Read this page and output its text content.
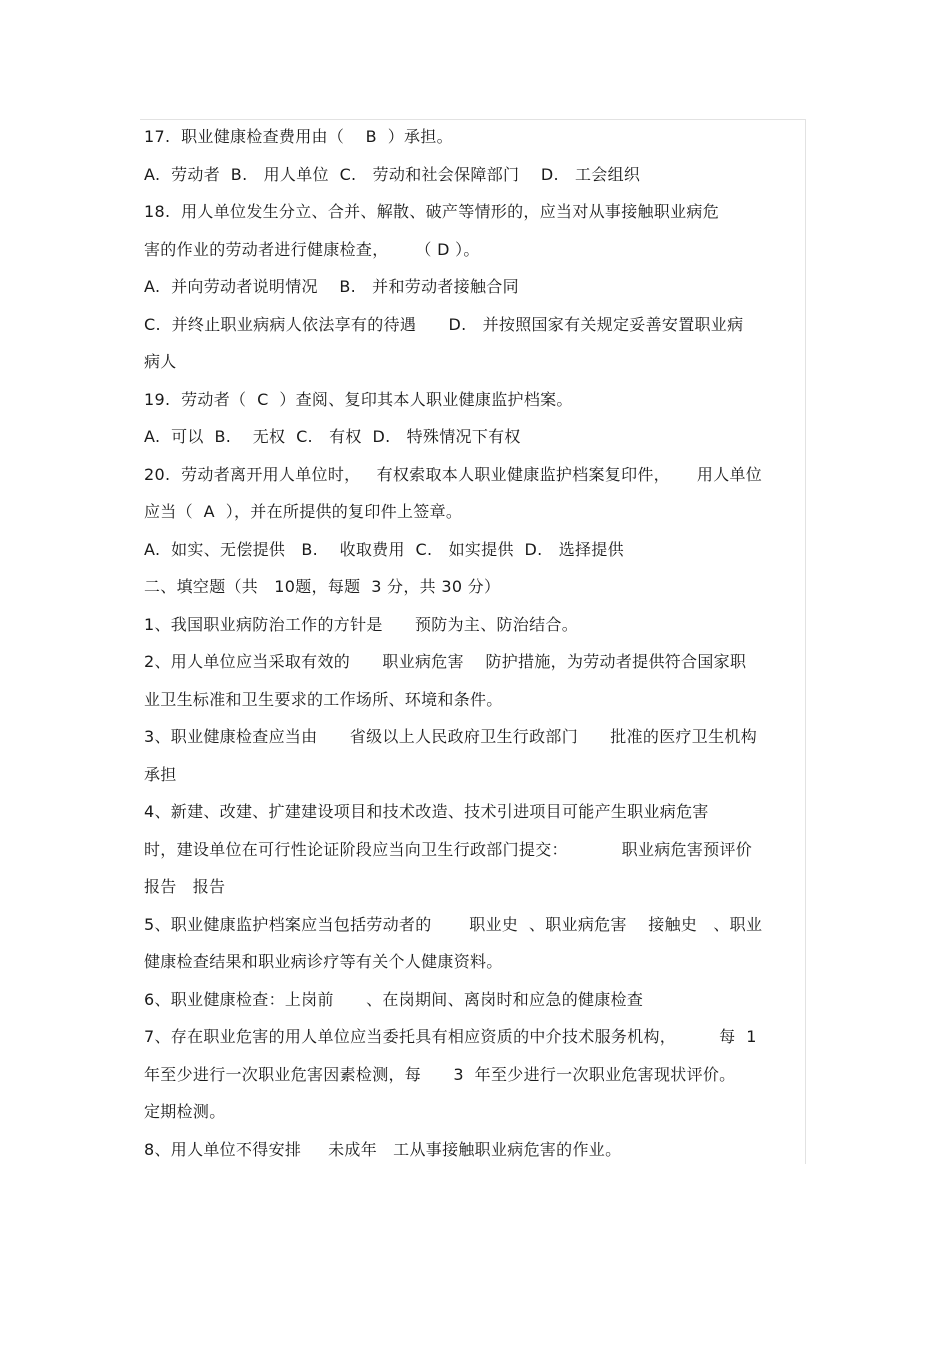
17.  职业健康检查费用由（    B  ）承担。
A.  劳动者  B.   用人单位  C.   劳动和社会保障部门    D.   工会组织
18.  用人单位发生分立、合并、解散、破产等情形的，应当对从事接触职业病危
害的作业的劳动者进行健康检查，     （ D ）。
A.  并向劳动者说明情况    B.   并和劳动者接触合同
C.  并终止职业病病人依法享有的待遇      D.   并按照国家有关规定妥善安置职业病
病人
19.  劳动者（  C  ）查阅、复印其本人职业健康监护档案。
A.  可以  B.    无权  C.   有权  D.   特殊情况下有权
20.  劳动者离开用人单位时，   有权索取本人职业健康监护档案复印件，     用人单位
应当（  A  ），并在所提供的复印件上签章。
A.  如实、无偿提供   B.    收取费用  C.   如实提供  D.   选择提供
二、填空题（共   10题，每题  3 分，共 30 分）
1、我国职业病防治工作的方针是      预防为主、防治结合。
2、用人单位应当采取有效的      职业病危害    防护措施，为劳动者提供符合国家职
业卫生标准和卫生要求的工作场所、环境和条件。
3、职业健康检查应当由      省级以上人民政府卫生行政部门      批准的医疗卫生机构
承担
4、新建、改建、扩建建设项目和技术改造、技术引进项目可能产生职业病危害
时，建设单位在可行性论证阶段应当向卫生行政部门提交：          职业病危害预评价
报告   报告
5、职业健康监护档案应当包括劳动者的       职业史  、职业病危害    接触史   、职业
健康检查结果和职业病诊疗等有关个人健康资料。
6、职业健康检查：上岗前      、在岗期间、离岗时和应急的健康检查
7、存在职业危害的用人单位应当委托具有相应资质的中介技术服务机构，        每  1
年至少进行一次职业危害因素检测，每      3  年至少进行一次职业危害现状评价。
定期检测。
8、用人单位不得安排     未成年   工从事接触职业病危害的作业。
